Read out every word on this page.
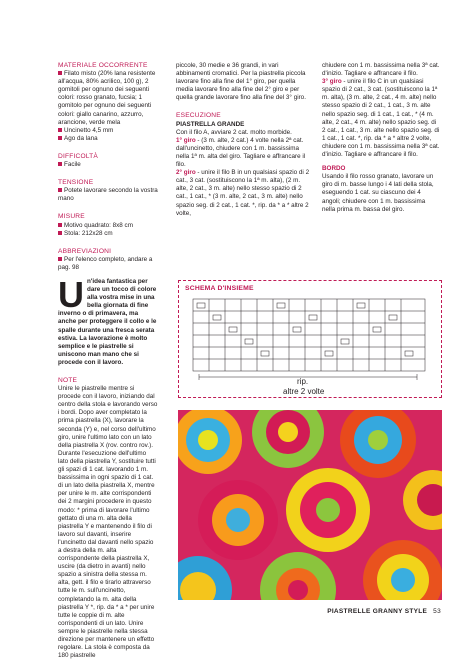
MATERIALE OCCORRENTE
Filato misto (20% lana resistente all'acqua, 80% acrilico, 100 g), 2 gomitoli per ognuno dei seguenti colori: rosso granato, fucsia; 1 gomitolo per ognuno dei seguenti colori: giallo canarino, azzurro, arancione, verde mela
Uncinetto 4,5 mm
Ago da lana
DIFFICOLTÀ
Facile
TENSIONE
Potete lavorare secondo la vostra mano
MISURE
Motivo quadrato: 8x8 cm
Stola: 212x28 cm
ABBREVIAZIONI
Per l'elenco completo, andare a pag. 98
Un'idea fantastica per dare un tocco di colore alla vostra mise in una bella giornata di fine inverno o di primavera, ma anche per proteggere il collo e le spalle durante una fresca serata estiva. La lavorazione è molto semplice e le piastrelle si uniscono man mano che si procede con il lavoro.
NOTE
Unire le piastrelle mentre si procede con il lavoro, iniziando dal centro della stola e lavorando verso i bordi. Dopo aver completato la prima piastrella (X), lavorare la seconda (Y) e, nel corso dell'ultimo giro, unire l'ultimo lato con un lato della piastrella X (rov. contro rov.). Durante l'esecuzione dell'ultimo lato della piastrella Y, sostituire tutti gli spazi di 1 cat. lavorando 1 m. bassissima in ogni spazio di 1 cat. di un lato della piastrella X, mentre per unire le m. alte corrispondenti dei 2 margini procedere in questo modo: * prima di lavorare l'ultimo gettato di una m. alta della piastrella Y e mantenendo il filo di lavoro sul davanti, inserire l'uncinetto dal davanti nello spazio a destra della m. alta corrispondente della piastrella X, uscire (da dietro in avanti) nello spazio a sinistra della stessa m. alta, gett. il filo e tirarlo attraverso tutte le m. sull'uncinetto, completando la m. alta della piastrella Y *, rip. da * a * per unire tutte le coppie di m. alte corrispondenti di un lato. Unire sempre le piastrelle nella stessa direzione per mantenere un effetto regolare. La stola è composta da 180 piastrelle
piccole, 30 medie e 36 grandi, in vari abbinamenti cromatici. Per la piastrella piccola lavorare fino alla fine del 1° giro, per quella media lavorare fino alla fine del 2° giro e per quella grande lavorare fino alla fine del 3° giro.
ESECUZIONE
PIASTRELLA GRANDE
Con il filo A, avviare 2 cat. molto morbide.
1° giro - (3 m. alte, 2 cat.) 4 volte nella 2ª cat. dall'uncinetto, chiudere con 1 m. bassissima nella 1ª m. alta del giro. Tagliare e affrancare il filo.
2° giro - unire il filo B in un qualsiasi spazio di 2 cat., 3 cat. (sostituiscono la 1ª m. alta), (2 m. alte, 2 cat., 3 m. alte) nello stesso spazio di 2 cat., 1 cat., * (3 m. alte, 2 cat., 3 m. alte) nello spazio seg. di 2 cat., 1 cat. *, rip. da * a * altre 2 volte,
chiudere con 1 m. bassissima nella 3ª cat. d'inizio. Tagliare e affrancare il filo.
3° giro - unire il filo C in un qualsiasi spazio di 2 cat., 3 cat. (sostituiscono la 1ª m. alta), (3 m. alte, 2 cat., 4 m. alte) nello stesso spazio di 2 cat., 1 cat., 3 m. alte nello spazio seg. di 1 cat., 1 cat., * (4 m. alte, 2 cat., 4 m. alte) nello spazio seg. di 2 cat., 1 cat., 3 m. alte nello spazio seg. di 1 cat., 1 cat. *, rip. da * a * altre 2 volte, chiudere con 1 m. bassissima nella 3ª cat. d'inizio. Tagliare e affrancare il filo.
BORDO
Usando il filo rosso granato, lavorare un giro di m. basse lungo i 4 lati della stola, eseguendo 1 cat. su ciascuno dei 4 angoli; chiudere con 1 m. bassissima nella prima m. bassa del giro.
SCHEMA D'INSIEME
rip.
altre 2 volte
PIASTRELLE GRANNY STYLE 53
